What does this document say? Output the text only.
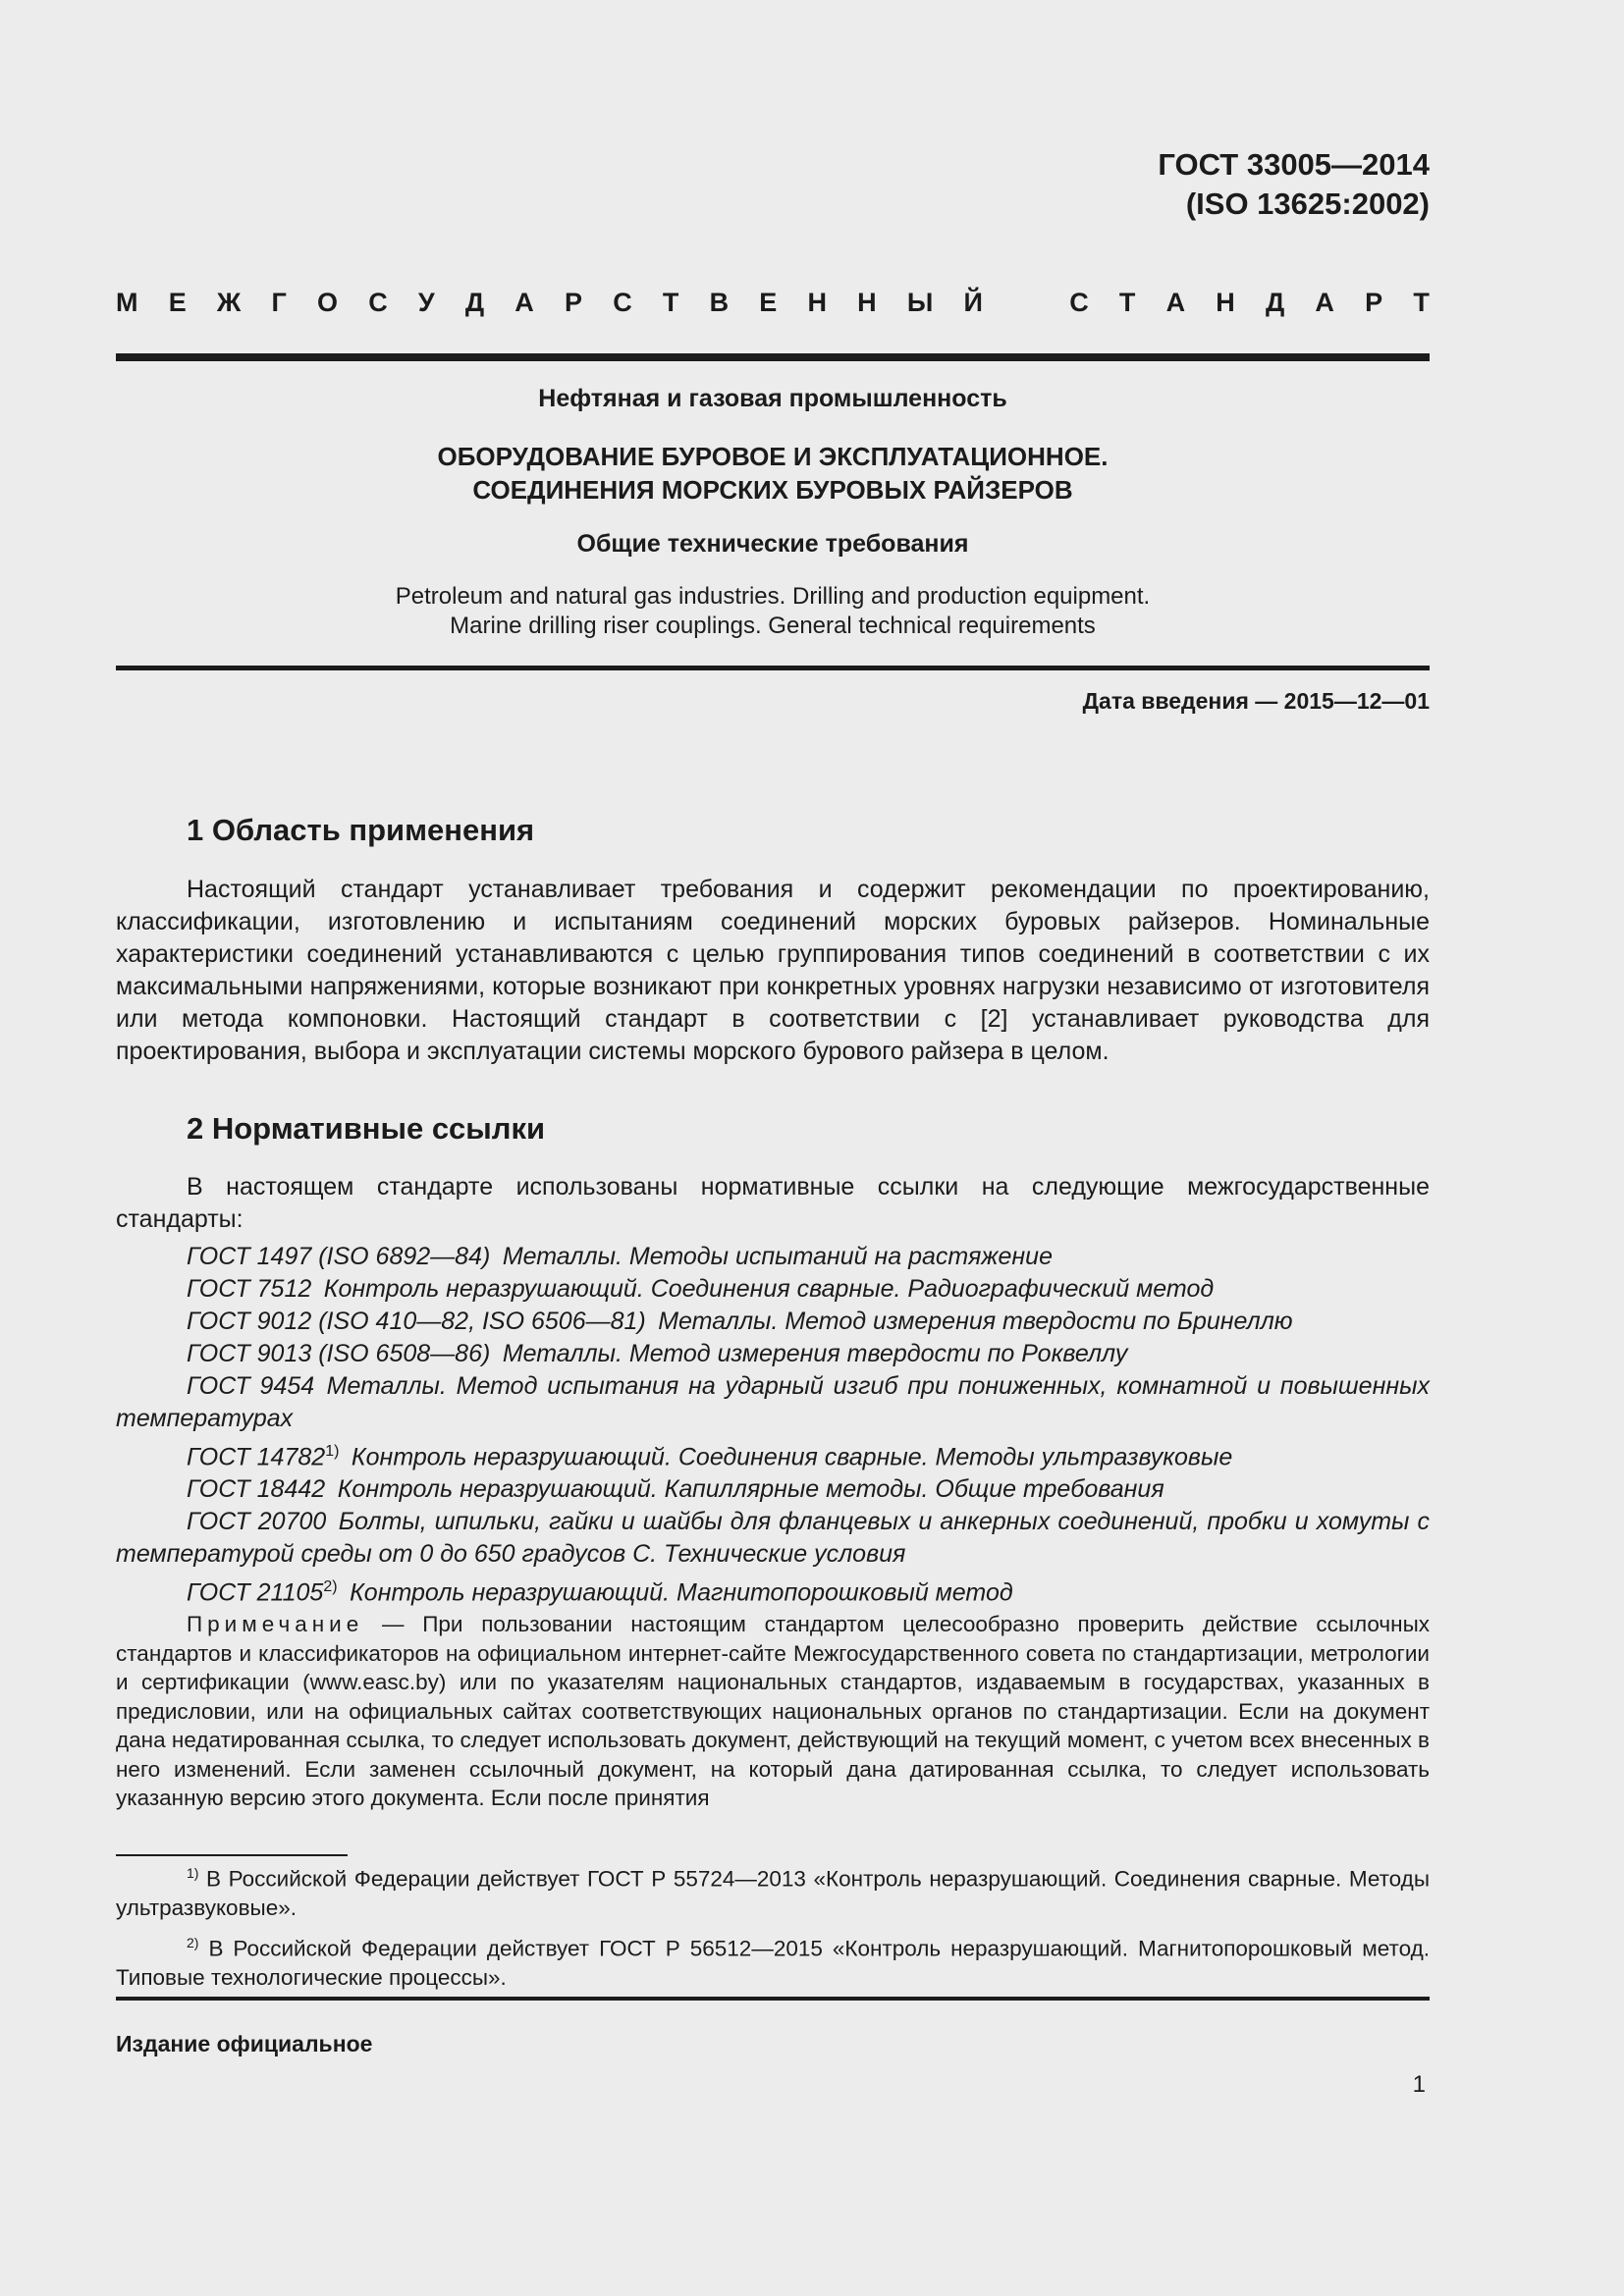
ГОСТ 33005—2014
(ISO 13625:2002)
М Е Ж Г О С У Д А Р С Т В Е Н Н Ы Й	С Т А Н Д А Р Т
Нефтяная и газовая промышленность
ОБОРУДОВАНИЕ БУРОВОЕ И ЭКСПЛУАТАЦИОННОЕ.
СОЕДИНЕНИЯ МОРСКИХ БУРОВЫХ РАЙЗЕРОВ
Общие технические требования
Petroleum and natural gas industries. Drilling and production equipment.
Marine drilling riser couplings. General technical requirements
Дата введения — 2015—12—01
1 Область применения
Настоящий стандарт устанавливает требования и содержит рекомендации по проектированию, классификации, изготовлению и испытаниям соединений морских буровых райзеров. Номинальные характеристики соединений устанавливаются с целью группирования типов соединений в соответствии с их максимальными напряжениями, которые возникают при конкретных уровнях нагрузки независимо от изготовителя или метода компоновки. Настоящий стандарт в соответствии с [2] устанавливает руководства для проектирования, выбора и эксплуатации системы морского бурового райзера в целом.
2 Нормативные ссылки
В настоящем стандарте использованы нормативные ссылки на следующие межгосударственные стандарты:

ГОСТ 1497 (ISO 6892—84)  Металлы. Методы испытаний на растяжение

ГОСТ 7512  Контроль неразрушающий. Соединения сварные. Радиографический метод

ГОСТ 9012 (ISO 410—82, ISO 6506—81)  Металлы. Метод измерения твердости по Бринеллю

ГОСТ 9013 (ISO 6508—86)  Металлы. Метод измерения твердости по Роквеллу

ГОСТ 9454  Металлы. Метод испытания на ударный изгиб при пониженных, комнатной и повышенных температурах

ГОСТ 14782$^{1)}$  Контроль неразрушающий. Соединения сварные. Методы ультразвуковые

ГОСТ 18442  Контроль неразрушающий. Капиллярные методы. Общие требования

ГОСТ 20700  Болты, шпильки, гайки и шайбы для фланцевых и анкерных соединений, пробки и хомуты с температурой среды от 0 до 650 градусов С. Технические условия

ГОСТ 21105$^{2)}$  Контроль неразрушающий. Магнитопорошковый метод

Примечание — При пользовании настоящим стандартом целесообразно проверить действие ссылочных стандартов и классификаторов на официальном интернет-сайте Межгосударственного совета по стандартизации, метрологии и сертификации (www.easc.by) или по указателям национальных стандартов, издаваемым в государствах, указанных в предисловии, или на официальных сайтах соответствующих национальных органов по стандартизации. Если на документ дана недатированная ссылка, то следует использовать документ, действующий на текущий момент, с учетом всех внесенных в него изменений. Если заменен ссылочный документ, на который дана датированная ссылка, то следует использовать указанную версию этого документа. Если после принятия

$^{1)}$ В Российской Федерации действует ГОСТ Р 55724—2013 «Контроль неразрушающий. Соединения сварные. Методы ультразвуковые».

$^{2)}$ В Российской Федерации действует ГОСТ Р 56512—2015 «Контроль неразрушающий. Магнитопорошковый метод. Типовые технологические процессы».

Издание официальное
1
